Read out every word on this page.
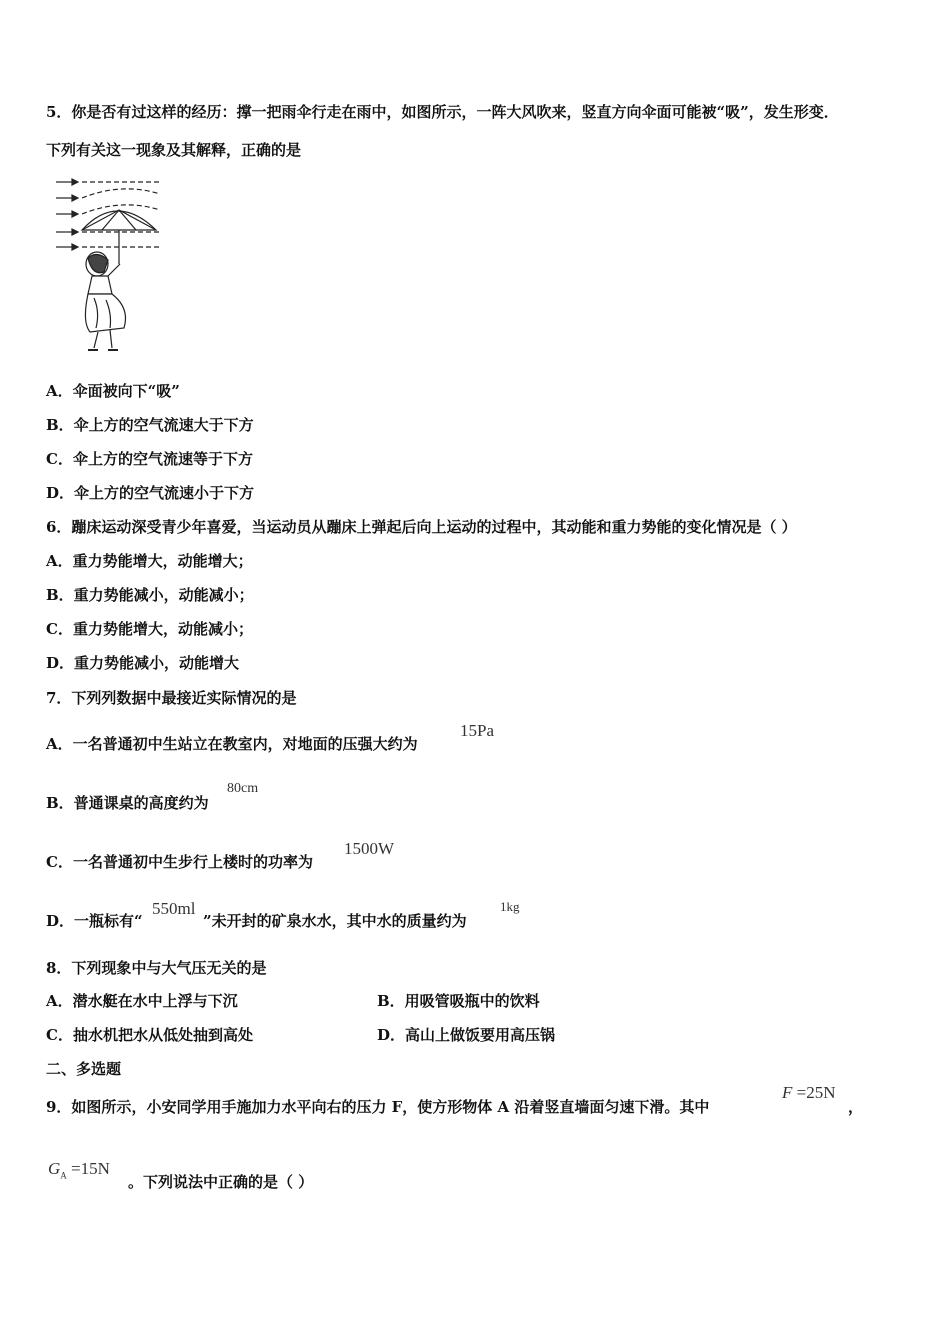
5．你是否有过这样的经历：撑一把雨伞行走在雨中，如图所示，一阵大风吹来，竖直方向伞面可能被“吸”，发生形变．
下列有关这一现象及其解释，正确的是
A．伞面被向下“吸”
B．伞上方的空气流速大于下方
C．伞上方的空气流速等于下方
D．伞上方的空气流速小于下方
6．蹦床运动深受青少年喜爱，当运动员从蹦床上弹起后向上运动的过程中，其动能和重力势能的变化情况是（ ）
A．重力势能增大，动能增大；
B．重力势能减小，动能减小；
C．重力势能增大，动能减小；
D．重力势能减小，动能增大
7．下列列数据中最接近实际情况的是
A．一名普通初中生站立在教室内，对地面的压强大约为
15Pa
B．普通课桌的高度约为
80cm
C．一名普通初中生步行上楼时的功率为
1500W
D．一瓶标有“
550ml
”未开封的矿泉水水，其中水的质量约为
1kg
8．下列现象中与大气压无关的是
A．潜水艇在水中上浮与下沉	B．用吸管吸瓶中的饮料
C．抽水机把水从低处抽到高处	D．高山上做饭要用高压锅
二、多选题
9．如图所示，小安同学用手施加力水平向右的压力 F，使方形物体 A 沿着竖直墙面匀速下滑。其中
F =25N
，
$G_A =15N$
。下列说法中正确的是（ ）
